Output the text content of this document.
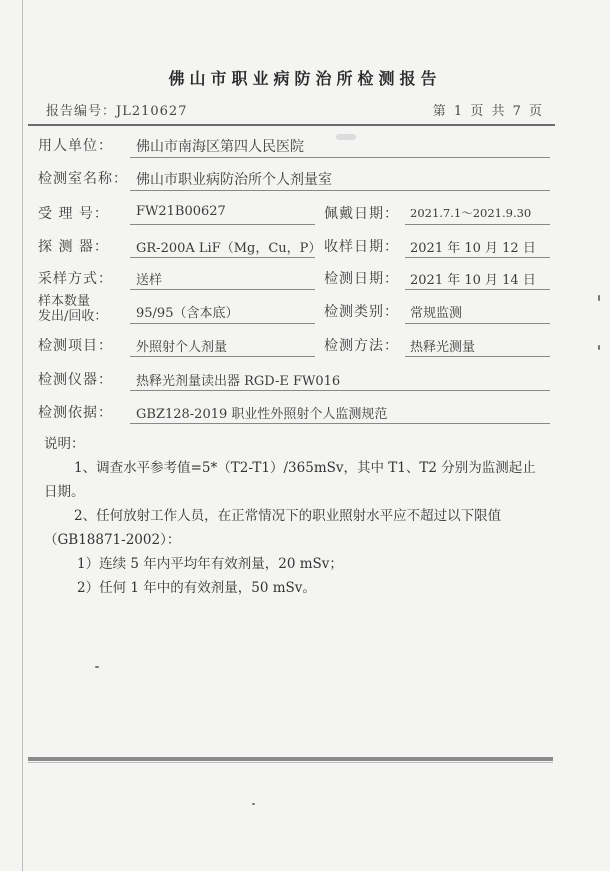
佛山市职业病防治所检测报告
报告编号：JL210627	第 1 页 共 7 页
用人单位： 佛山市南海区第四人民医院
检测室名称： 佛山市职业病防治所个人剂量室
受 理 号： FW21B00627	佩戴日期： 2021.7.1～2021.9.30
探 测 器： GR-200A LiF（Mg，Cu，P） 收样日期： 2021 年 10 月 12 日
采样方式： 送样	检测日期： 2021 年 10 月 14 日
样本数量
发出/回收： 95/95（含本底）	检测类别： 常规监测
检测项目： 外照射个人剂量	检测方法： 热释光测量
检测仪器： 热释光剂量读出器 RGD-E FW016
检测依据： GBZ128-2019 职业性外照射个人监测规范

说明：

1、调查水平参考值=5*（T2-T1）/365mSv，其中 T1、T2 分别为监测起止

日期。

2、任何放射工作人员，在正常情况下的职业照射水平应不超过以下限值

（GB18871-2002）：

1）连续 5 年内平均年有效剂量，20 mSv；

2）任何 1 年中的有效剂量，50 mSv。
